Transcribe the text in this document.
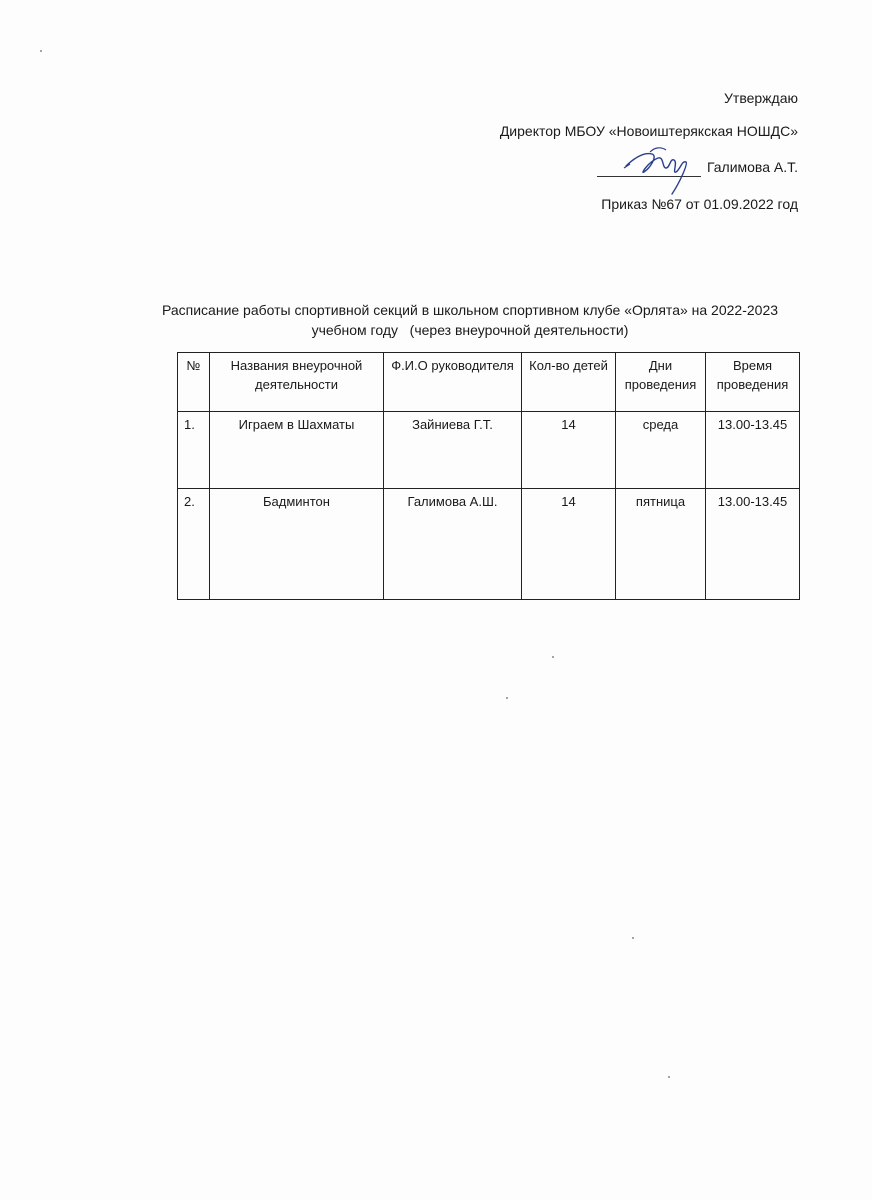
Утверждаю
Директор МБОУ «Новоиштерякская НОШДС»
Галимова А.Т.
Приказ №67 от 01.09.2022 год
Расписание работы спортивной секций в школьном спортивном клубе «Орлята» на 2022-2023
учебном году   (через внеурочной деятельности)
№	Названия внеурочной деятельности	Ф.И.О руководителя	Кол-во детей	Дни проведения	Время проведения
1.	Играем в Шахматы	Зайниева Г.Т.	14	среда	13.00-13.45
2.	Бадминтон	Галимова А.Ш.	14	пятница	13.00-13.45
